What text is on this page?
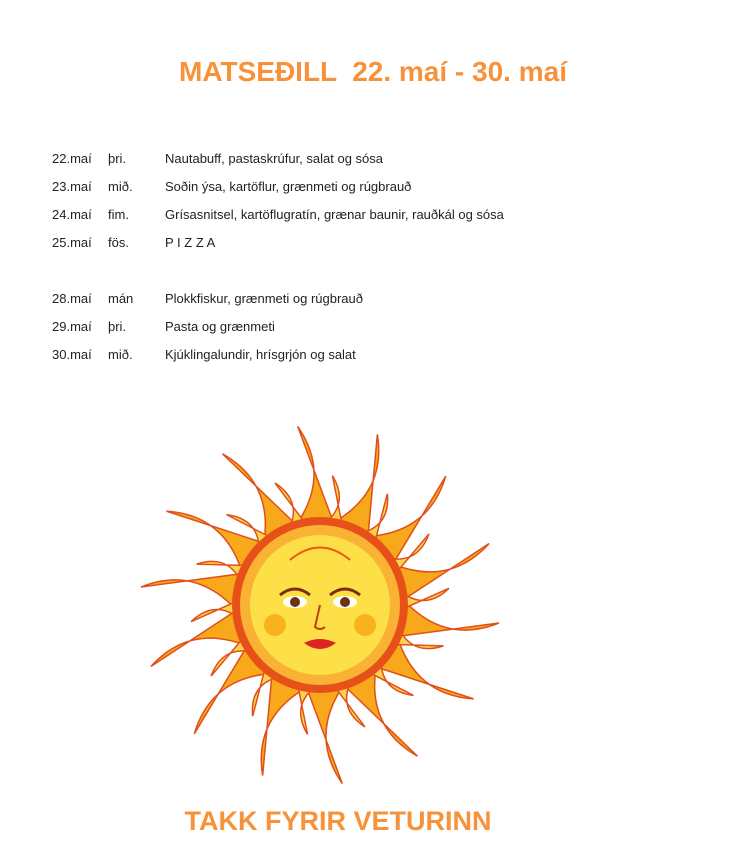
MATSEÐILL  22. maí - 30. maí
22.maí þri.	Nautabuff, pastaskrúfur, salat og sósa
23.maí mið. Soðin ýsa, kartöflur, grænmeti og rúgbrauð
24.maí fim.	Grísasnitsel, kartöflugratín, grænar baunir, rauðkál og sósa
25.maí fös.	P I Z Z A
28.maí mán Plokkfiskur, grænmeti og rúgbrauð
29.maí þri.	Pasta og grænmeti
30.maí mið. Kjúklingalundir, hrísgrjón og salat
TAKK FYRIR VETURINN
